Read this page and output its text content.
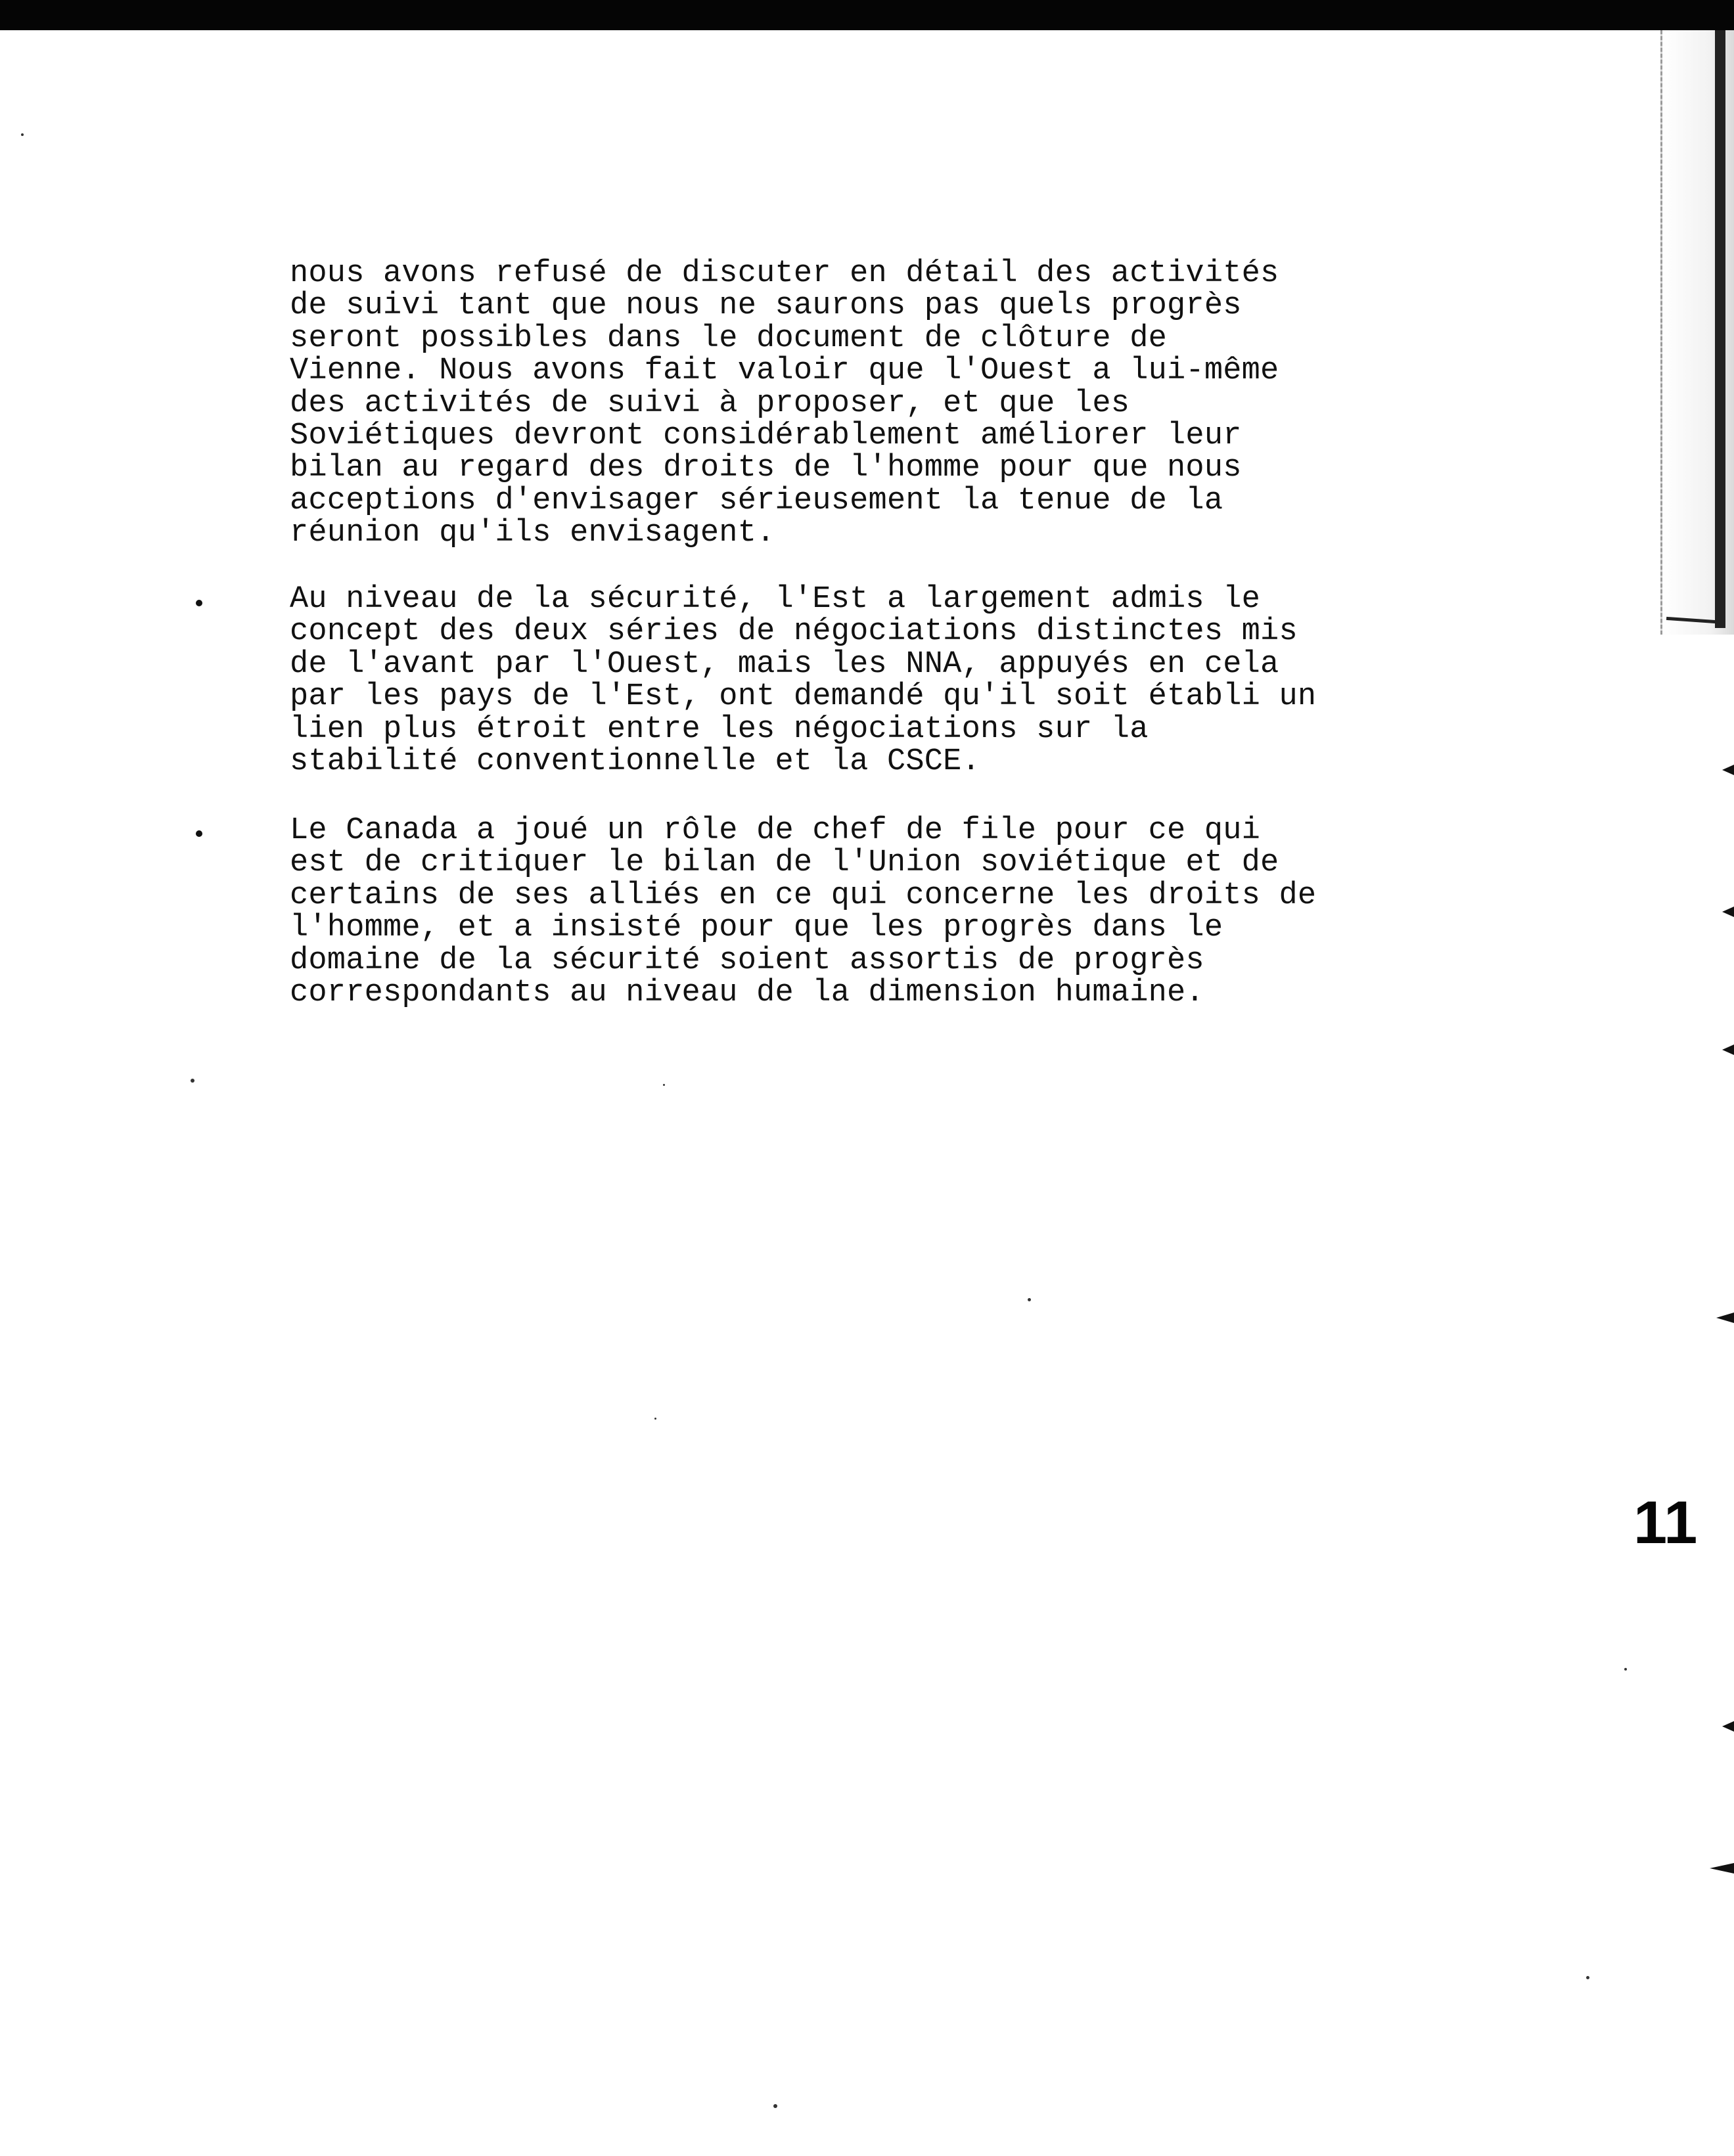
nous avons refusé de discuter en détail des activités
de suivi tant que nous ne saurons pas quels progrès
seront possibles dans le document de clôture de
Vienne. Nous avons fait valoir que l'Ouest a lui-même
des activités de suivi à proposer, et que les
Soviétiques devront considérablement améliorer leur
bilan au regard des droits de l'homme pour que nous
acceptions d'envisager sérieusement la tenue de la
réunion qu'ils envisagent.
Au niveau de la sécurité, l'Est a largement admis le
concept des deux séries de négociations distinctes mis
de l'avant par l'Ouest, mais les NNA, appuyés en cela
par les pays de l'Est, ont demandé qu'il soit établi un
lien plus étroit entre les négociations sur la
stabilité conventionnelle et la CSCE.
Le Canada a joué un rôle de chef de file pour ce qui
est de critiquer le bilan de l'Union soviétique et de
certains de ses alliés en ce qui concerne les droits de
l'homme, et a insisté pour que les progrès dans le
domaine de la sécurité soient assortis de progrès
correspondants au niveau de la dimension humaine.
11
